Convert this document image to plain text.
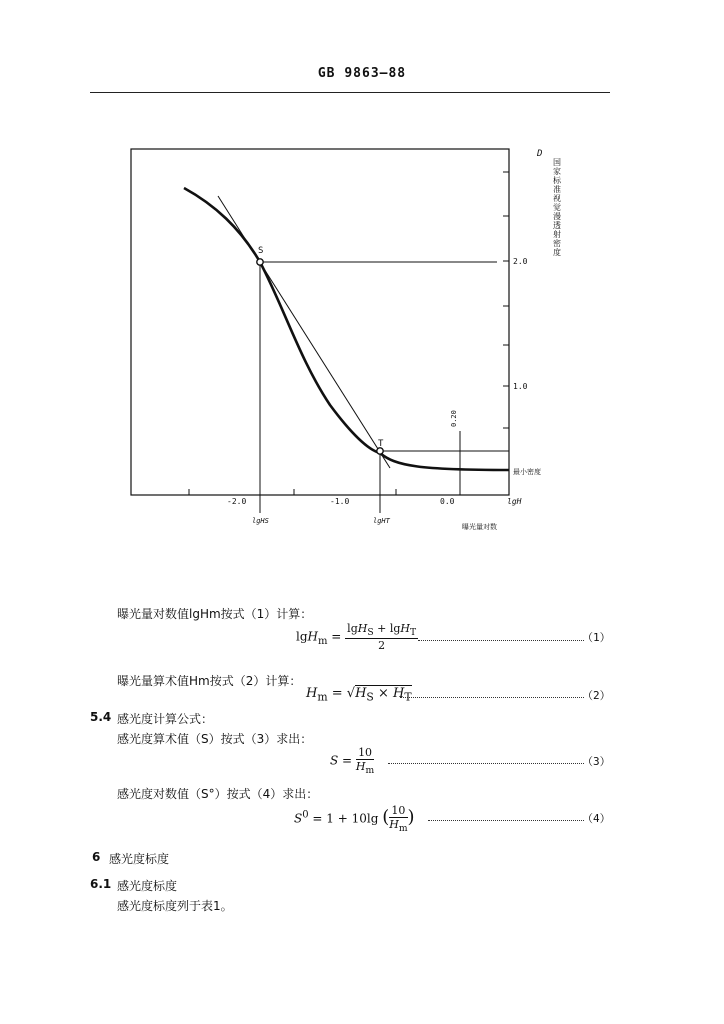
GB 9863—88
S
T
D
2.0
1.0
0.20
最小密度
-2.0	-1.0	0.0	lgH
lgHS	lgHT
曝光量对数
国家标准视觉漫透射密度
曝光量对数值lgHm按式（1）计算：
$\lg H_m = \frac{\lg H_S + \lg H_T}{2}$	（1）
曝光量算术值Hm按式（2）计算：
$H_m = √H_S \times H_T$	（2）
5.4 感光度计算公式：
感光度算术值（S）按式（3）求出：
$S = \frac{10}{H_m}$	（3）
感光度对数值（S°）按式（4）求出：
$S^0 = 1 + 10\lg$ ( $\frac{10}{H_m}$ )	（4）
6 感光度标度
6.1 感光度标度
感光度标度列于表1。
